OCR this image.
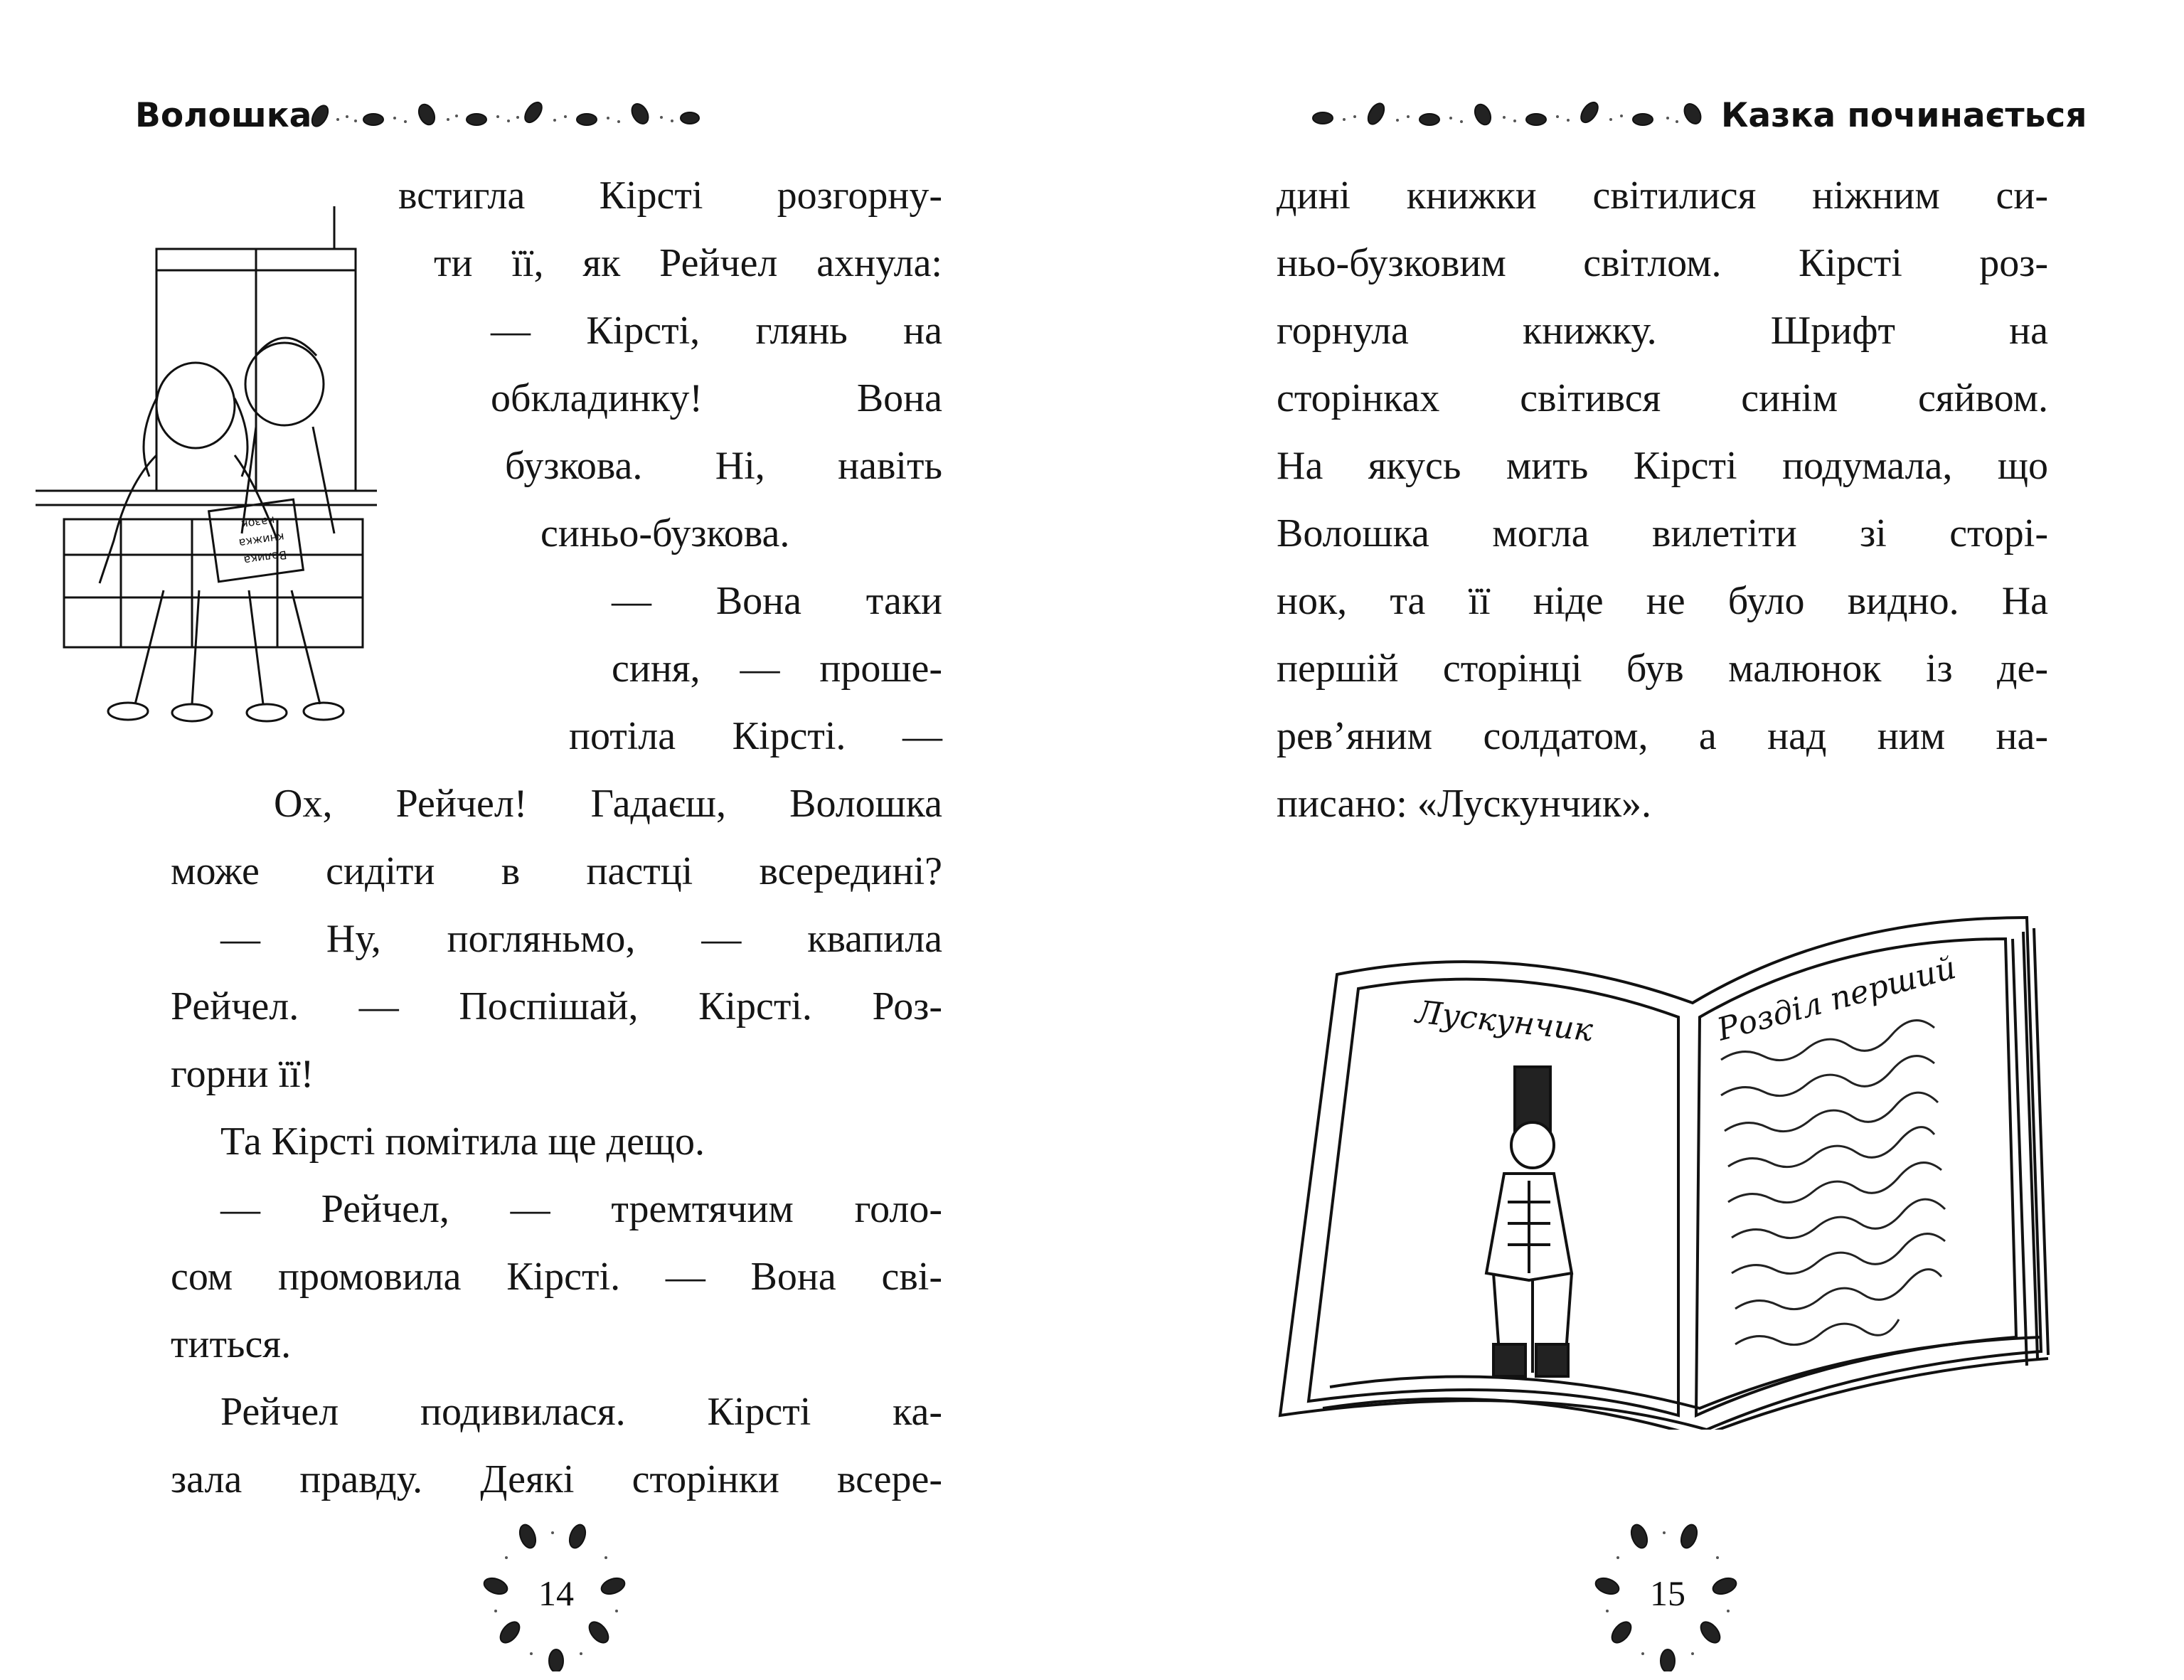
Волошка	Казка починається
Велика
книжка
казок
встигла Кірсті розгорну-
ти її, як Рейчел ахнула:
— Кірсті, глянь на
обкладинку! Вона
бузкова. Ні, навіть
синьо-бузкова.
— Вона таки
синя, — проше-
потіла Кірсті. —
Ох, Рейчел! Гадаєш, Волошка
може сидіти в пастці всередині?
— Ну, погляньмо, — квапила
Рейчел. — Поспішай, Кірсті. Роз-
горни її!
Та Кірсті помітила ще дещо.
— Рейчел, — тремтячим голо-
сом промовила Кірсті. — Вона сві-
титься.
Рейчел подивилася. Кірсті ка-
зала правду. Деякі сторінки всере-
дині книжки світилися ніжним си-
ньо-бузковим світлом. Кірсті роз-
горнула книжку. Шрифт на
сторінках світився синім сяйвом.
На якусь мить Кірсті подумала, що
Волошка могла вилетіти зі сторі-
нок, та її ніде не було видно. На
першій сторінці був малюнок із де-
рев’яним солдатом, а над ним на-
писано: «Лускунчик».
Лускунчик	Розділ перший
14	15
